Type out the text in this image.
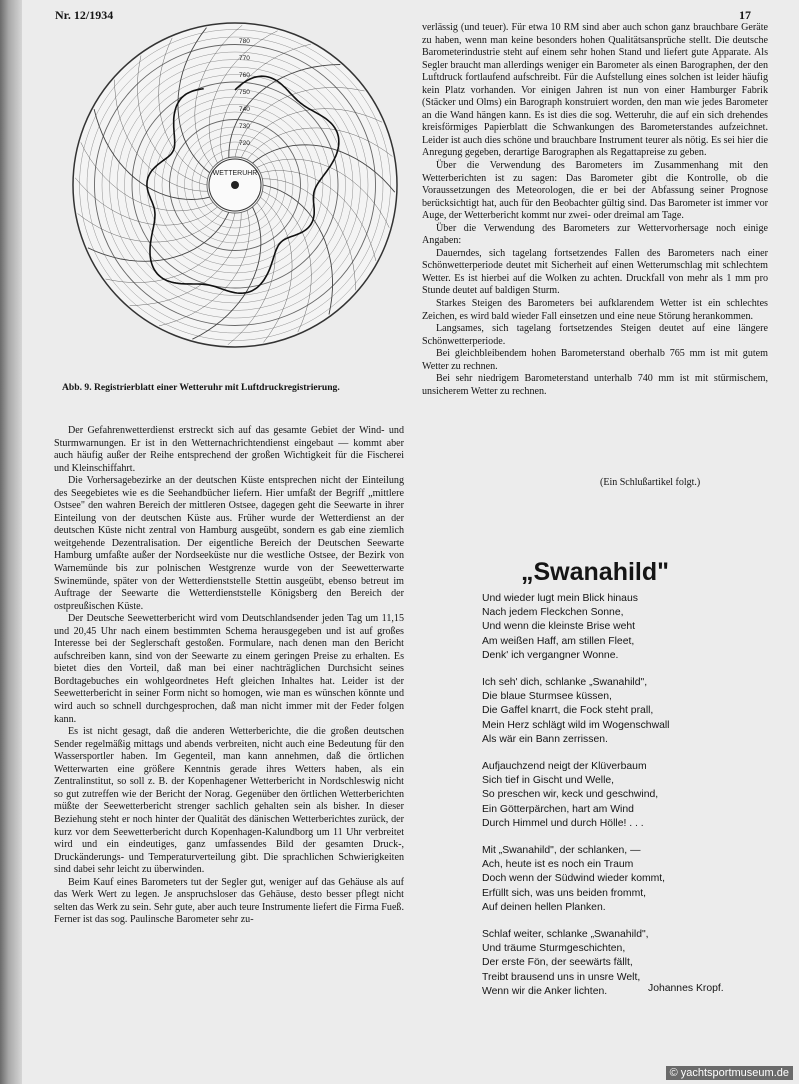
Nr. 12/1934	17
720
730
740
750
760
770
780
WETTERUHR
Abb. 9. Registrierblatt einer Wetteruhr mit Luftdruckregistrierung.

Der Gefahrenwetterdienst erstreckt sich auf das gesamte Gebiet der Wind- und Sturmwarnungen. Er ist in den Wetternachrichtendienst eingebaut — kommt aber auch häufig außer der Reihe entsprechend der großen Wichtigkeit für die Fischerei und Kleinschiffahrt.

Die Vorhersagebezirke an der deutschen Küste entsprechen nicht der Einteilung des Seegebietes wie es die Seehandbücher liefern. Hier umfaßt der Begriff „mittlere Ostsee" den wahren Bereich der mittleren Ostsee, dagegen geht die Seewarte in ihrer Einteilung von der deutschen Küste aus. Früher wurde der Wetterdienst an der deutschen Küste nicht zentral von Hamburg ausgeübt, sondern es gab eine ziemlich weitgehende Dezentralisation. Der eigentliche Bereich der Deutschen Seewarte Hamburg umfaßte außer der Nordseeküste nur die westliche Ostsee, der Bezirk von Warnemünde bis zur polnischen Westgrenze wurde von der Seewetterwarte Swinemünde, später von der Wetterdienststelle Stettin ausgeübt, ebenso betreut im Auftrage der Seewarte die Wetterdienststelle Königsberg den Bereich der ostpreußischen Küste.

Der Deutsche Seewetterbericht wird vom Deutschlandsender jeden Tag um 11,15 und 20,45 Uhr nach einem bestimmten Schema herausgegeben und ist auf großes Interesse bei der Seglerschaft gestoßen. Formulare, nach denen man den Bericht aufschreiben kann, sind von der Seewarte zu einem geringen Preise zu erhalten. Es bietet dies den Vorteil, daß man bei einer nachträglichen Durchsicht seines Bordtagebuches ein wohlgeordnetes Heft gleichen Inhaltes hat. Leider ist der Seewetterbericht in seiner Form nicht so homogen, wie man es wünschen könnte und wird auch so schnell durchgesprochen, daß man nicht immer mit der Feder folgen kann.

Es ist nicht gesagt, daß die anderen Wetterberichte, die die großen deutschen Sender regelmäßig mittags und abends verbreiten, nicht auch eine Bedeutung für den Wassersportler haben. Im Gegenteil, man kann annehmen, daß die örtlichen Wetterwarten eine größere Kenntnis gerade ihres Wetters haben, als ein Zentralinstitut, so soll z. B. der Kopenhagener Wetterbericht in Nordschleswig nicht so gut zutreffen wie der Bericht der Norag. Gegenüber den örtlichen Wetterberichten müßte der Seewetterbericht strenger sachlich gehalten sein als bisher. In dieser Beziehung steht er noch hinter der Qualität des dänischen Wetterberichtes zurück, der kurz vor dem Seewetterbericht durch Kopenhagen-Kalundborg um 11 Uhr verbreitet wird und ein eindeutiges, ganz umfassendes Bild der gesamten Druck-, Druckänderungs- und Temperaturverteilung gibt. Die sprachlichen Schwierigkeiten sind dabei sehr leicht zu überwinden.

Beim Kauf eines Barometers tut der Segler gut, weniger auf das Gehäuse als auf das Werk Wert zu legen. Je anspruchsloser das Gehäuse, desto besser pflegt nicht selten das Werk zu sein. Sehr gute, aber auch teure Instrumente liefert die Firma Fueß. Ferner ist das sog. Paulinsche Barometer sehr zu-

verlässig (und teuer). Für etwa 10 RM sind aber auch schon ganz brauchbare Geräte zu haben, wenn man keine besonders hohen Qualitätsansprüche stellt. Die deutsche Barometerindustrie steht auf einem sehr hohen Stand und liefert gute Apparate. Als Segler braucht man allerdings weniger ein Barometer als einen Barographen, der den Luftdruck fortlaufend aufschreibt. Für die Aufstellung eines solchen ist leider häufig kein Platz vorhanden. Vor einigen Jahren ist nun von einer Hamburger Fabrik (Stäcker und Olms) ein Barograph konstruiert worden, den man wie jedes Barometer an die Wand hängen kann. Es ist dies die sog. Wetteruhr, die auf ein sich drehendes kreisförmiges Papierblatt die Schwankungen des Barometerstandes aufzeichnet. Leider ist auch dies schöne und brauchbare Instrument teurer als nötig. Es sei hier die Anregung gegeben, derartige Barographen als Regattapreise zu geben.

Über die Verwendung des Barometers im Zusammenhang mit den Wetterberichten ist zu sagen: Das Barometer gibt die Kontrolle, ob die Voraussetzungen des Meteorologen, die er bei der Abfassung seiner Prognose berücksichtigt hat, auch für den Beobachter gültig sind. Das Barometer ist immer vor Auge, der Wetterbericht kommt nur zwei- oder dreimal am Tage.

Über die Verwendung des Barometers zur Wettervorhersage noch einige Angaben:

Dauerndes, sich tagelang fortsetzendes Fallen des Barometers nach einer Schönwetterperiode deutet mit Sicherheit auf einen Wetterumschlag mit schlechtem Wetter. Es ist hierbei auf die Wolken zu achten. Druckfall von mehr als 1 mm pro Stunde deutet auf baldigen Sturm.

Starkes Steigen des Barometers bei aufklarendem Wetter ist ein schlechtes Zeichen, es wird bald wieder Fall einsetzen und eine neue Störung herankommen.

Langsames, sich tagelang fortsetzendes Steigen deutet auf eine längere Schönwetterperiode.

Bei gleichbleibendem hohen Barometerstand oberhalb 765 mm ist mit gutem Wetter zu rechnen.

Bei sehr niedrigem Barometerstand unterhalb 740 mm ist mit stürmischem, unsicherem Wetter zu rechnen.

(Ein Schlußartikel folgt.)
„Swanahild"
Und wieder lugt mein Blick hinaus
Nach jedem Fleckchen Sonne,
Und wenn die kleinste Brise weht
Am weißen Haff, am stillen Fleet,
Denk' ich vergangner Wonne.
Ich seh' dich, schlanke „Swanahild",
Die blaue Sturmsee küssen,
Die Gaffel knarrt, die Fock steht prall,
Mein Herz schlägt wild im Wogenschwall
Als wär ein Bann zerrissen.
Aufjauchzend neigt der Klüverbaum
Sich tief in Gischt und Welle,
So preschen wir, keck und geschwind,
Ein Götterpärchen, hart am Wind
Durch Himmel und durch Hölle! . . .
Mit „Swanahild", der schlanken, —
Ach, heute ist es noch ein Traum
Doch wenn der Südwind wieder kommt,
Erfüllt sich, was uns beiden frommt,
Auf deinen hellen Planken.
Schlaf weiter, schlanke „Swanahild",
Und träume Sturmgeschichten,
Der erste Fön, der seewärts fällt,
Treibt brausend uns in unsre Welt,
Wenn wir die Anker lichten.	Johannes Kropf.
© yachtsportmuseum.de
